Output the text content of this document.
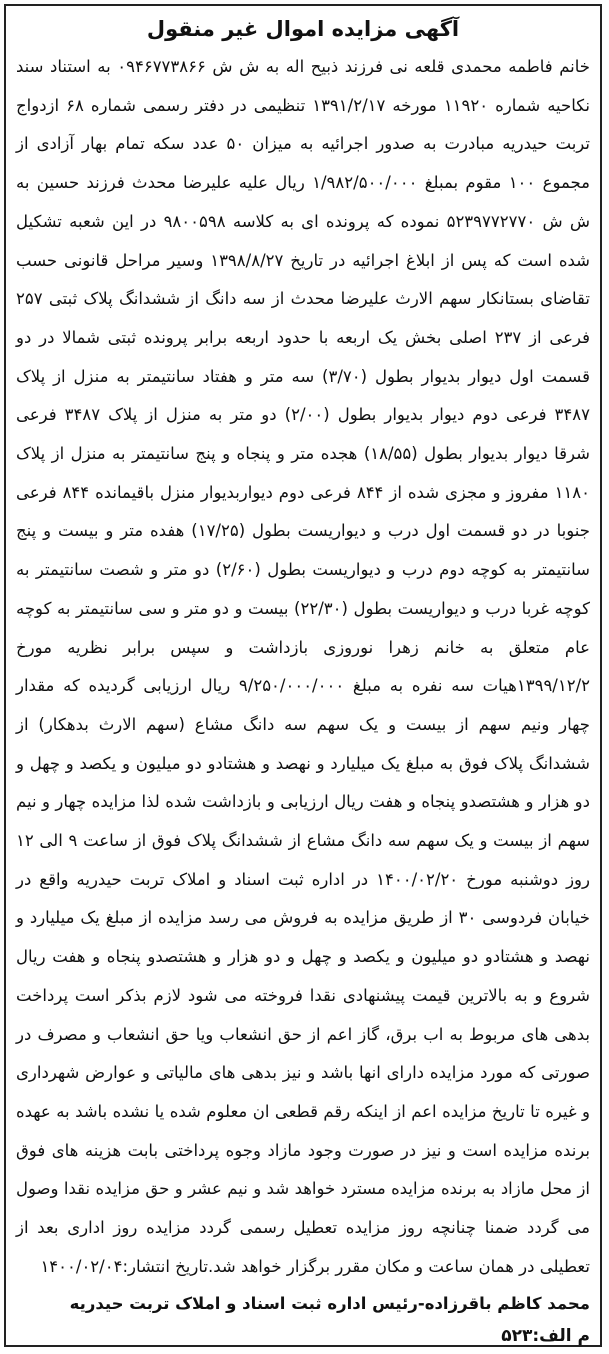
آگهی مزایده اموال غیر منقول

خانم فاطمه محمدی قلعه نی فرزند ذبیح اله به ش ش ۰۹۴۶۷۷۳۸۶۶ به استناد سند نکاحیه شماره ۱۱۹۲۰ مورخه ۱۳۹۱/۲/۱۷ تنظیمی در دفتر رسمی شماره ۶۸ ازدواج تربت حیدریه مبادرت به صدور اجرائیه به میزان ۵۰ عدد سکه تمام بهار آزادی از مجموع ۱۰۰ مقوم بمبلغ ۱/۹۸۲/۵۰۰/۰۰۰ ریال علیه علیرضا محدث فرزند حسین به ش ش ۵۲۳۹۷۷۲۷۷۰ نموده که پرونده ای به کلاسه ۹۸۰۰۵۹۸ در این شعبه تشکیل شده است که پس از ابلاغ اجرائیه در تاریخ ۱۳۹۸/۸/۲۷ وسیر مراحل قانونی حسب تقاضای بستانکار سهم الارث علیرضا محدث از سه دانگ از ششدانگ پلاک ثبتی ۲۵۷ فرعی از ۲۳۷ اصلی بخش یک اربعه با حدود اربعه برابر پرونده ثبتی شمالا در دو قسمت اول دیوار بدیوار بطول (۳/۷۰) سه متر و هفتاد سانتیمتر به منزل از پلاک ۳۴۸۷ فرعی دوم دیوار بدیوار بطول (۲/۰۰) دو متر به منزل از پلاک ۳۴۸۷ فرعی شرقا دیوار بدیوار بطول (۱۸/۵۵) هجده متر و پنجاه و پنج سانتیمتر به منزل از پلاک ۱۱۸۰ مفروز و مجزی شده از ۸۴۴ فرعی دوم دیواربدیوار منزل باقیمانده ۸۴۴ فرعی جنوبا در دو قسمت اول درب و دیواریست بطول (۱۷/۲۵) هفده متر و بیست و پنج سانتیمتر به کوچه دوم درب و دیواریست بطول (۲/۶۰) دو متر و شصت سانتیمتر به کوچه غربا درب و دیواریست بطول (۲۲/۳۰) بیست و دو متر و سی سانتیمتر به کوچه عام متعلق به خانم زهرا نوروزی بازداشت و سپس برابر نظریه مورخ ۱۳۹۹/۱۲/۲هیات سه نفره به مبلغ ۹/۲۵۰/۰۰۰/۰۰۰ ریال ارزیابی گردیده که مقدار چهار ونیم سهم از بیست و یک سهم سه دانگ مشاع (سهم الارث بدهکار) از ششدانگ پلاک فوق به مبلغ یک میلیارد و نهصد و هشتادو دو میلیون و یکصد و چهل و دو هزار و هشتصدو پنجاه و هفت ریال ارزیابی و بازداشت شده لذا مزایده چهار و نیم سهم از بیست و یک سهم سه دانگ مشاع از ششدانگ پلاک فوق از ساعت ۹ الی ۱۲ روز دوشنبه مورخ ۱۴۰۰/۰۲/۲۰ در اداره ثبت اسناد و املاک تربت حیدریه واقع در خیابان فردوسی ۳۰ از طریق مزایده به فروش می رسد مزایده از مبلغ یک میلیارد و نهصد و هشتادو دو میلیون و یکصد و چهل و دو هزار و هشتصدو پنجاه و هفت ریال شروع و به بالاترین قیمت پیشنهادی نقدا فروخته می شود لازم بذکر است پرداخت بدهی های مربوط به اب برق، گاز اعم از حق انشعاب ویا حق انشعاب و مصرف در صورتی که مورد مزایده دارای انها باشد و نیز بدهی های مالیاتی و عوارض شهرداری و غیره تا تاریخ مزایده اعم از اینکه رقم قطعی ان معلوم شده یا نشده باشد به عهده برنده مزایده است و نیز در صورت وجود مازاد وجوه پرداختی بابت هزینه های فوق از محل مازاد به برنده مزایده مسترد خواهد شد و نیم عشر و حق مزایده نقدا وصول می گردد ضمنا چنانچه روز مزایده تعطیل رسمی گردد مزایده روز اداری بعد از تعطیلی در همان ساعت و مکان مقرر برگزار خواهد شد.تاریخ انتشار:۱۴۰۰/۰۲/۰۴

محمد کاظم باقرزاده-رئیس اداره ثبت اسناد و املاک تربت حیدریه

م الف:۵۲۳
